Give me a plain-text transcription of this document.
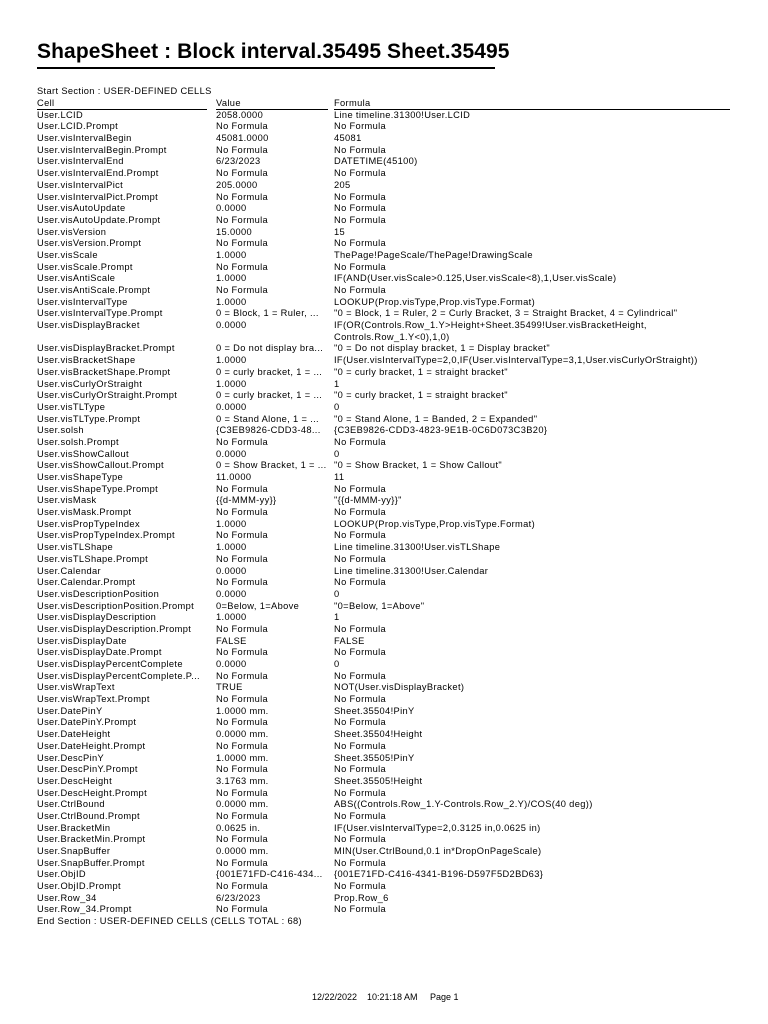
ShapeSheet : Block interval.35495 Sheet.35495
Start Section : USER-DEFINED CELLS
Cell	Value	Formula
User.LCID	2058.0000	Line timeline.31300!User.LCID
User.LCID.Prompt	No Formula	No Formula
User.visIntervalBegin	45081.0000	45081
User.visIntervalBegin.Prompt	No Formula	No Formula
User.visIntervalEnd	6/23/2023	DATETIME(45100)
User.visIntervalEnd.Prompt	No Formula	No Formula
User.visIntervalPict	205.0000	205
User.visIntervalPict.Prompt	No Formula	No Formula
User.visAutoUpdate	0.0000	No Formula
User.visAutoUpdate.Prompt	No Formula	No Formula
User.visVersion	15.0000	15
User.visVersion.Prompt	No Formula	No Formula
User.visScale	1.0000	ThePage!PageScale/ThePage!DrawingScale
User.visScale.Prompt	No Formula	No Formula
User.visAntiScale	1.0000	IF(AND(User.visScale>0.125,User.visScale<8),1,User.visScale)
User.visAntiScale.Prompt	No Formula	No Formula
User.visIntervalType	1.0000	LOOKUP(Prop.visType,Prop.visType.Format)
User.visIntervalType.Prompt	0 = Block, 1 = Ruler, ... "0 = Block, 1 = Ruler, 2 = Curly Bracket, 3 = Straight Bracket, 4 = Cylindrical"
User.visDisplayBracket	0.0000	IF(OR(Controls.Row_1.Y>Height+Sheet.35499!User.visBracketHeight,
Controls.Row_1.Y<0),1,0)
User.visDisplayBracket.Prompt	0 = Do not display bra... "0 = Do not display bracket, 1 = Display bracket"
User.visBracketShape	1.0000	IF(User.visIntervalType=2,0,IF(User.visIntervalType=3,1,User.visCurlyOrStraight))
User.visBracketShape.Prompt	0 = curly bracket, 1 = ... "0 = curly bracket, 1 = straight bracket"
User.visCurlyOrStraight	1.0000	1
User.visCurlyOrStraight.Prompt	0 = curly bracket, 1 = ... "0 = curly bracket, 1 = straight bracket"
User.visTLType	0.0000	0
User.visTLType.Prompt	0 = Stand Alone, 1 = ... "0 = Stand Alone, 1 = Banded, 2 = Expanded"
User.solsh	{C3EB9826-CDD3-48... {C3EB9826-CDD3-4823-9E1B-0C6D073C3B20}
User.solsh.Prompt	No Formula	No Formula
User.visShowCallout	0.0000	0
User.visShowCallout.Prompt	0 = Show Bracket, 1 = ... "0 = Show Bracket, 1 = Show Callout"
User.visShapeType	11.0000	11
User.visShapeType.Prompt	No Formula	No Formula
User.visMask	{{d-MMM-yy}}	"{{d-MMM-yy}}"
User.visMask.Prompt	No Formula	No Formula
User.visPropTypeIndex	1.0000	LOOKUP(Prop.visType,Prop.visType.Format)
User.visPropTypeIndex.Prompt	No Formula	No Formula
User.visTLShape	1.0000	Line timeline.31300!User.visTLShape
User.visTLShape.Prompt	No Formula	No Formula
User.Calendar	0.0000	Line timeline.31300!User.Calendar
User.Calendar.Prompt	No Formula	No Formula
User.visDescriptionPosition	0.0000	0
User.visDescriptionPosition.Prompt 0=Below, 1=Above	"0=Below, 1=Above"
User.visDisplayDescription	1.0000	1
User.visDisplayDescription.Prompt	No Formula	No Formula
User.visDisplayDate	FALSE	FALSE
User.visDisplayDate.Prompt	No Formula	No Formula
User.visDisplayPercentComplete	0.0000	0
User.visDisplayPercentComplete.P... No Formula	No Formula
User.visWrapText	TRUE	NOT(User.visDisplayBracket)
User.visWrapText.Prompt	No Formula	No Formula
User.DatePinY	1.0000 mm.	Sheet.35504!PinY
User.DatePinY.Prompt	No Formula	No Formula
User.DateHeight	0.0000 mm.	Sheet.35504!Height
User.DateHeight.Prompt	No Formula	No Formula
User.DescPinY	1.0000 mm.	Sheet.35505!PinY
User.DescPinY.Prompt	No Formula	No Formula
User.DescHeight	3.1763 mm.	Sheet.35505!Height
User.DescHeight.Prompt	No Formula	No Formula
User.CtrlBound	0.0000 mm.	ABS((Controls.Row_1.Y-Controls.Row_2.Y)/COS(40 deg))
User.CtrlBound.Prompt	No Formula	No Formula
User.BracketMin	0.0625 in.	IF(User.visIntervalType=2,0.3125 in,0.0625 in)
User.BracketMin.Prompt	No Formula	No Formula
User.SnapBuffer	0.0000 mm.	MIN(User.CtrlBound,0.1 in*DropOnPageScale)
User.SnapBuffer.Prompt	No Formula	No Formula
User.ObjID	{001E71FD-C416-434... {001E71FD-C416-4341-B196-D597F5D2BD63}
User.ObjID.Prompt	No Formula	No Formula
User.Row_34	6/23/2023	Prop.Row_6
User.Row_34.Prompt	No Formula	No Formula
End Section : USER-DEFINED CELLS (CELLS TOTAL : 68)
12/22/2022 10:21:18 AM Page 1
